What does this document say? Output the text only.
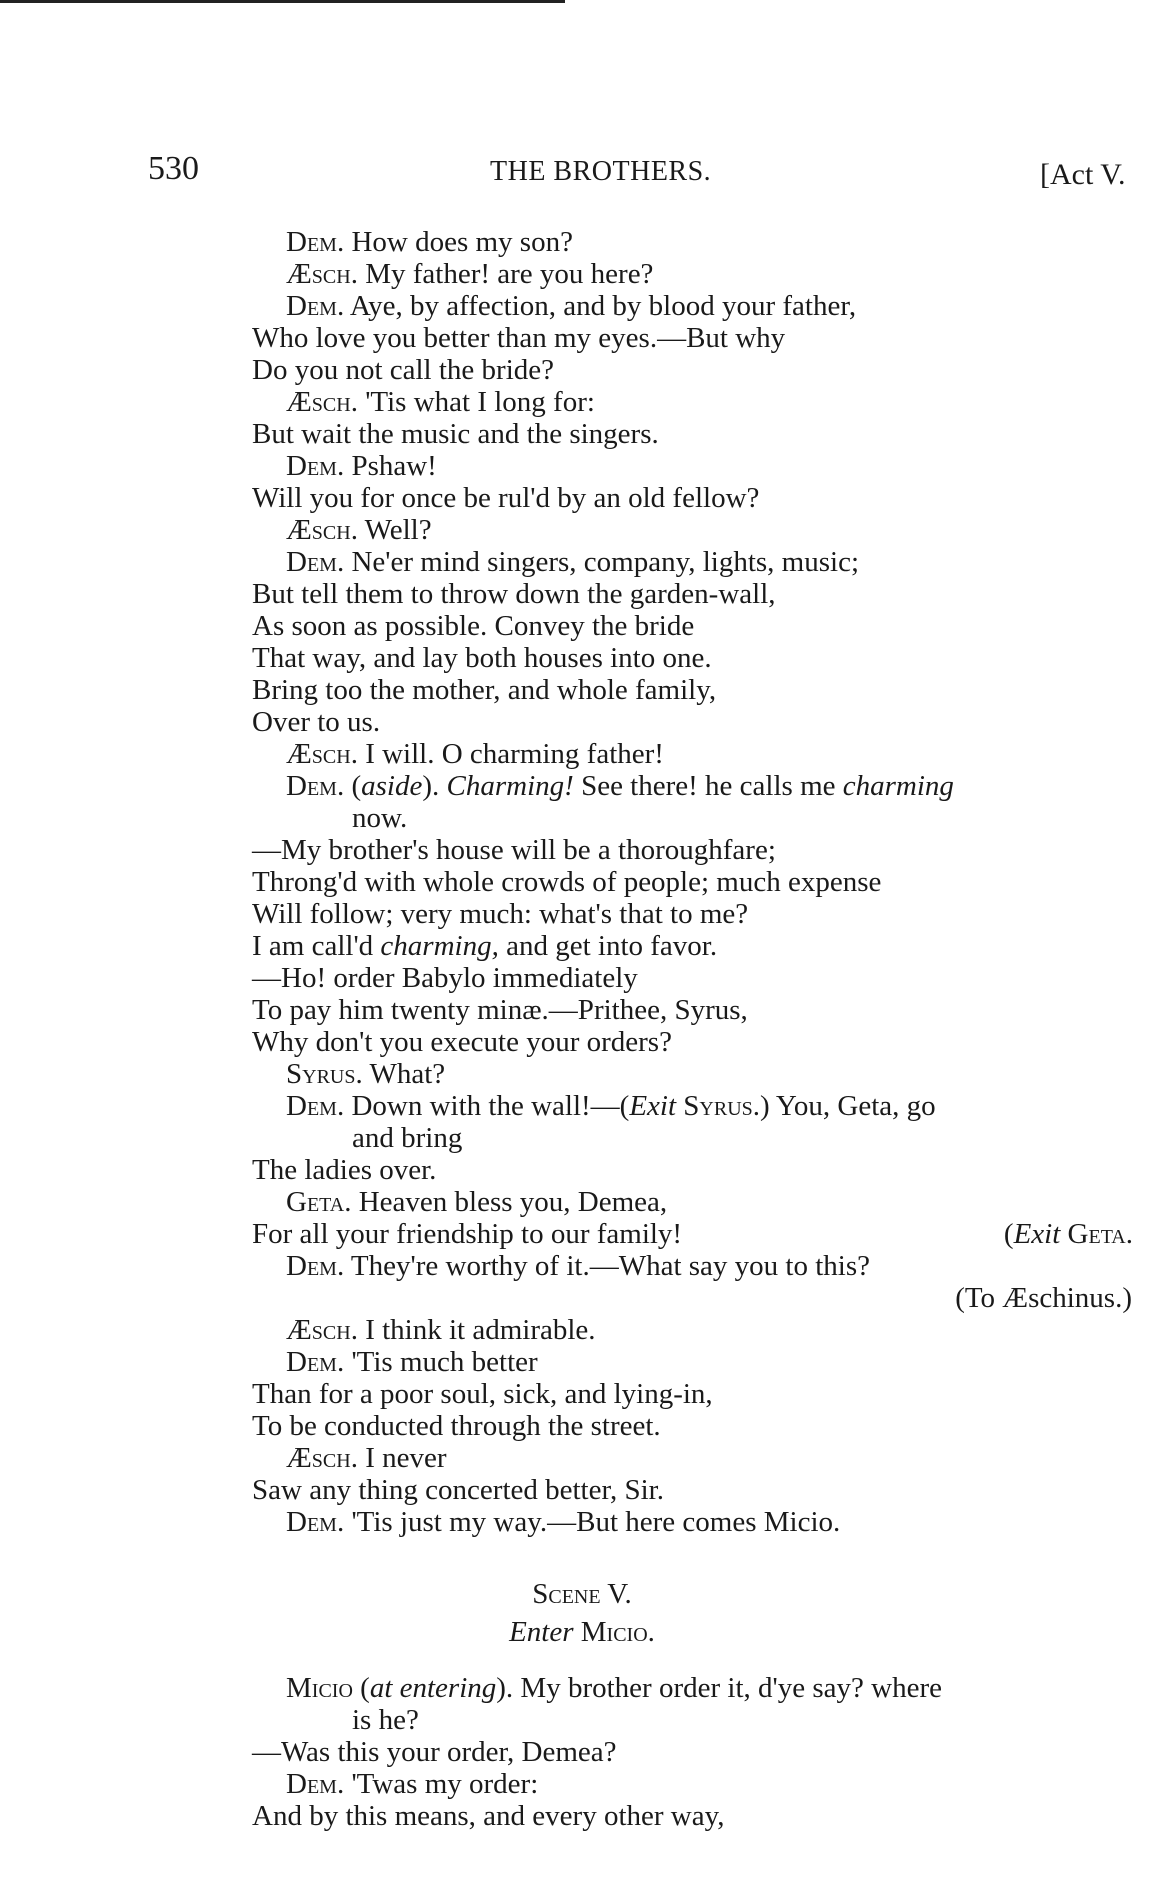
530	THE BROTHERS.	[Act V.
Dem. How does my son?
Æsch. My father! are you here?
Dem. Aye, by affection, and by blood your father,
Who love you better than my eyes.—But why
Do you not call the bride?
Æsch. 'Tis what I long for:
But wait the music and the singers.
Dem. Pshaw!
Will you for once be rul'd by an old fellow?
Æsch. Well?
Dem. Ne'er mind singers, company, lights, music;
But tell them to throw down the garden-wall,
As soon as possible. Convey the bride
That way, and lay both houses into one.
Bring too the mother, and whole family,
Over to us.
Æsch. I will. O charming father!
Dem. (aside). Charming! See there! he calls me charming
now.
—My brother's house will be a thoroughfare;
Throng'd with whole crowds of people; much expense
Will follow; very much: what's that to me?
I am call'd charming, and get into favor.
—Ho! order Babylo immediately
To pay him twenty minæ.—Prithee, Syrus,
Why don't you execute your orders?
Syrus. What?
Dem. Down with the wall!—(Exit Syrus.) You, Geta, go
and bring
The ladies over.
Geta. Heaven bless you, Demea,
For all your friendship to our family!	(Exit Geta.
Dem. They're worthy of it.—What say you to this?
(To Æschinus.)
Æsch. I think it admirable.
Dem. 'Tis much better
Than for a poor soul, sick, and lying-in,
To be conducted through the street.
Æsch. I never
Saw any thing concerted better, Sir.
Dem. 'Tis just my way.—But here comes Micio.
Scene V.
Enter Micio.
Micio (at entering). My brother order it, d'ye say? where
is he?
—Was this your order, Demea?
Dem. 'Twas my order:
And by this means, and every other way,
